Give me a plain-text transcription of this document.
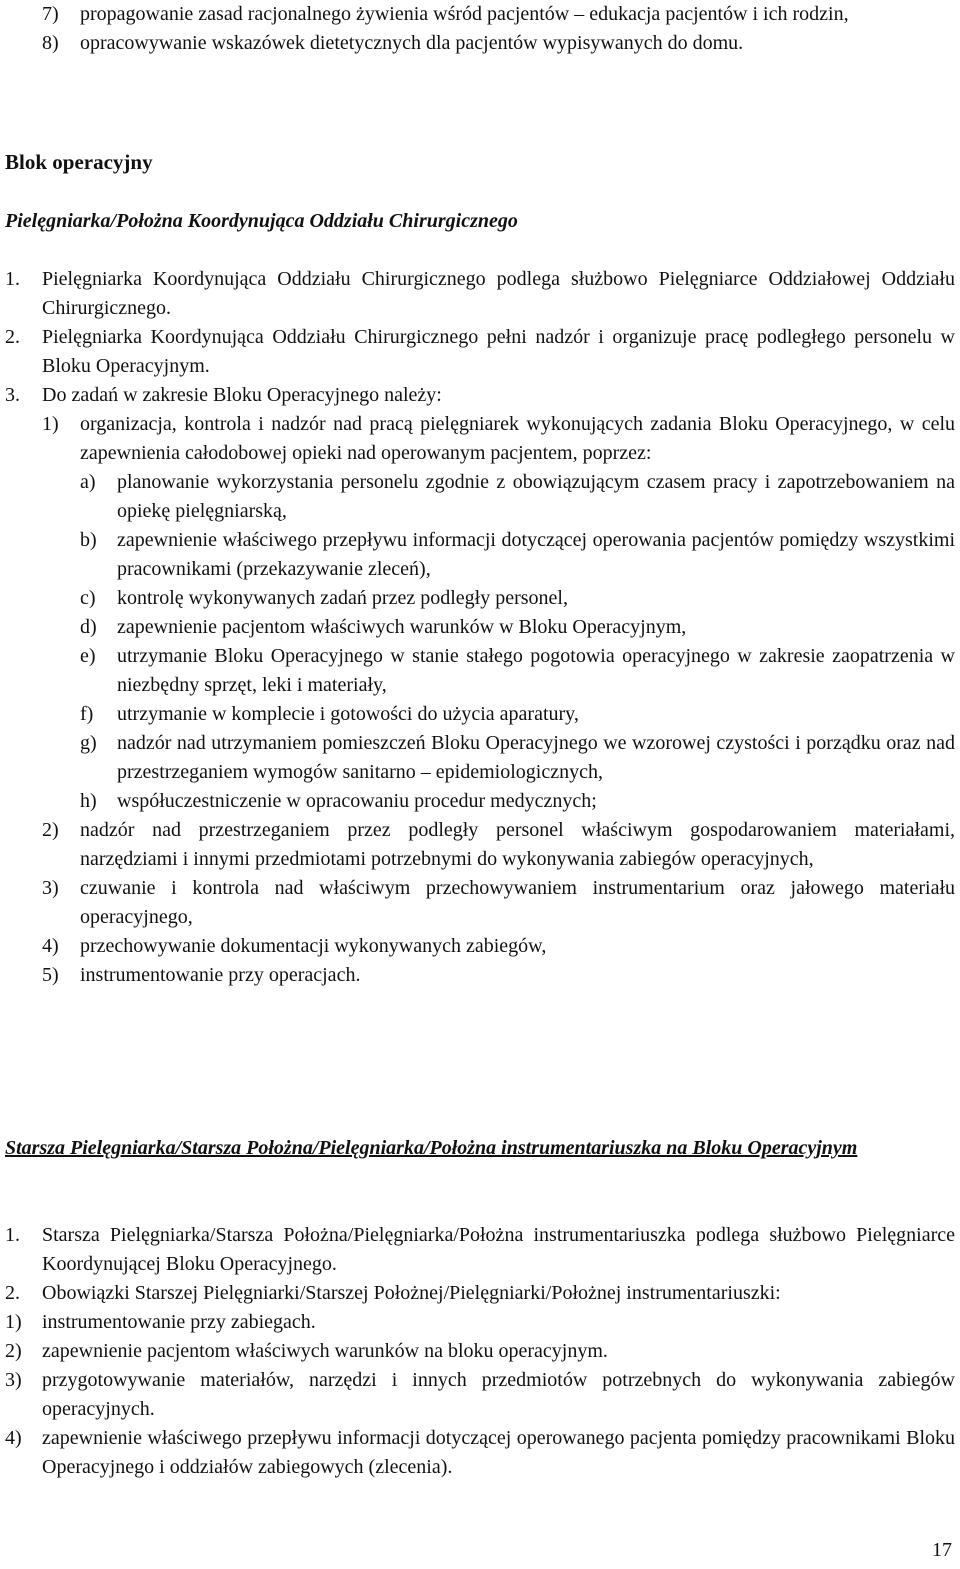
7)	propagowanie zasad racjonalnego żywienia wśród pacjentów – edukacja pacjentów i ich rodzin,
8)	opracowywanie wskazówek dietetycznych dla pacjentów wypisywanych do domu.

Blok operacyjny

Pielęgniarka/Położna Koordynująca Oddziału Chirurgicznego

1.	Pielęgniarka Koordynująca Oddziału Chirurgicznego podlega służbowo Pielęgniarce Oddziałowej Oddziału Chirurgicznego.
2.	Pielęgniarka Koordynująca Oddziału Chirurgicznego pełni nadzór i organizuje pracę podległego personelu w Bloku Operacyjnym.
3.	Do zadań w zakresie Bloku Operacyjnego należy:
1)	organizacja, kontrola i nadzór nad pracą pielęgniarek wykonujących zadania Bloku Operacyjnego, w celu zapewnienia całodobowej opieki nad operowanym pacjentem, poprzez:
a)	planowanie wykorzystania personelu zgodnie z obowiązującym czasem pracy i zapotrzebowaniem na opiekę pielęgniarską,
b)	zapewnienie właściwego przepływu informacji dotyczącej operowania pacjentów pomiędzy wszystkimi pracownikami (przekazywanie zleceń),
c)	kontrolę wykonywanych zadań przez podległy personel,
d)	zapewnienie pacjentom właściwych warunków w Bloku Operacyjnym,
e)	utrzymanie Bloku Operacyjnego w stanie stałego pogotowia operacyjnego w zakresie zaopatrzenia w niezbędny sprzęt, leki i materiały,
f)	utrzymanie w komplecie i gotowości do użycia aparatury,
g)	nadzór nad utrzymaniem pomieszczeń Bloku Operacyjnego we wzorowej czystości i porządku oraz nad przestrzeganiem wymogów sanitarno – epidemiologicznych,
h)	współuczestniczenie w opracowaniu procedur medycznych;
2)	nadzór nad przestrzeganiem przez podległy personel właściwym gospodarowaniem materiałami, narzędziami i innymi przedmiotami potrzebnymi do wykonywania zabiegów operacyjnych,
3)	czuwanie i kontrola nad właściwym przechowywaniem instrumentarium oraz jałowego materiału operacyjnego,
4)	przechowywanie dokumentacji wykonywanych zabiegów,
5)	instrumentowanie przy operacjach.

Starsza Pielęgniarka/Starsza Położna/Pielęgniarka/Położna instrumentariuszka na Bloku Operacyjnym

1.	Starsza Pielęgniarka/Starsza Położna/Pielęgniarka/Położna instrumentariuszka podlega służbowo Pielęgniarce Koordynującej Bloku Operacyjnego.
2.	Obowiązki Starszej Pielęgniarki/Starszej Położnej/Pielęgniarki/Położnej instrumentariuszki:
1)	instrumentowanie przy zabiegach.
2)	zapewnienie pacjentom właściwych warunków na bloku operacyjnym.
3)	przygotowywanie materiałów, narzędzi i innych przedmiotów potrzebnych do wykonywania zabiegów operacyjnych.
4)	zapewnienie właściwego przepływu informacji dotyczącej operowanego pacjenta pomiędzy pracownikami Bloku Operacyjnego i oddziałów zabiegowych (zlecenia).
17
